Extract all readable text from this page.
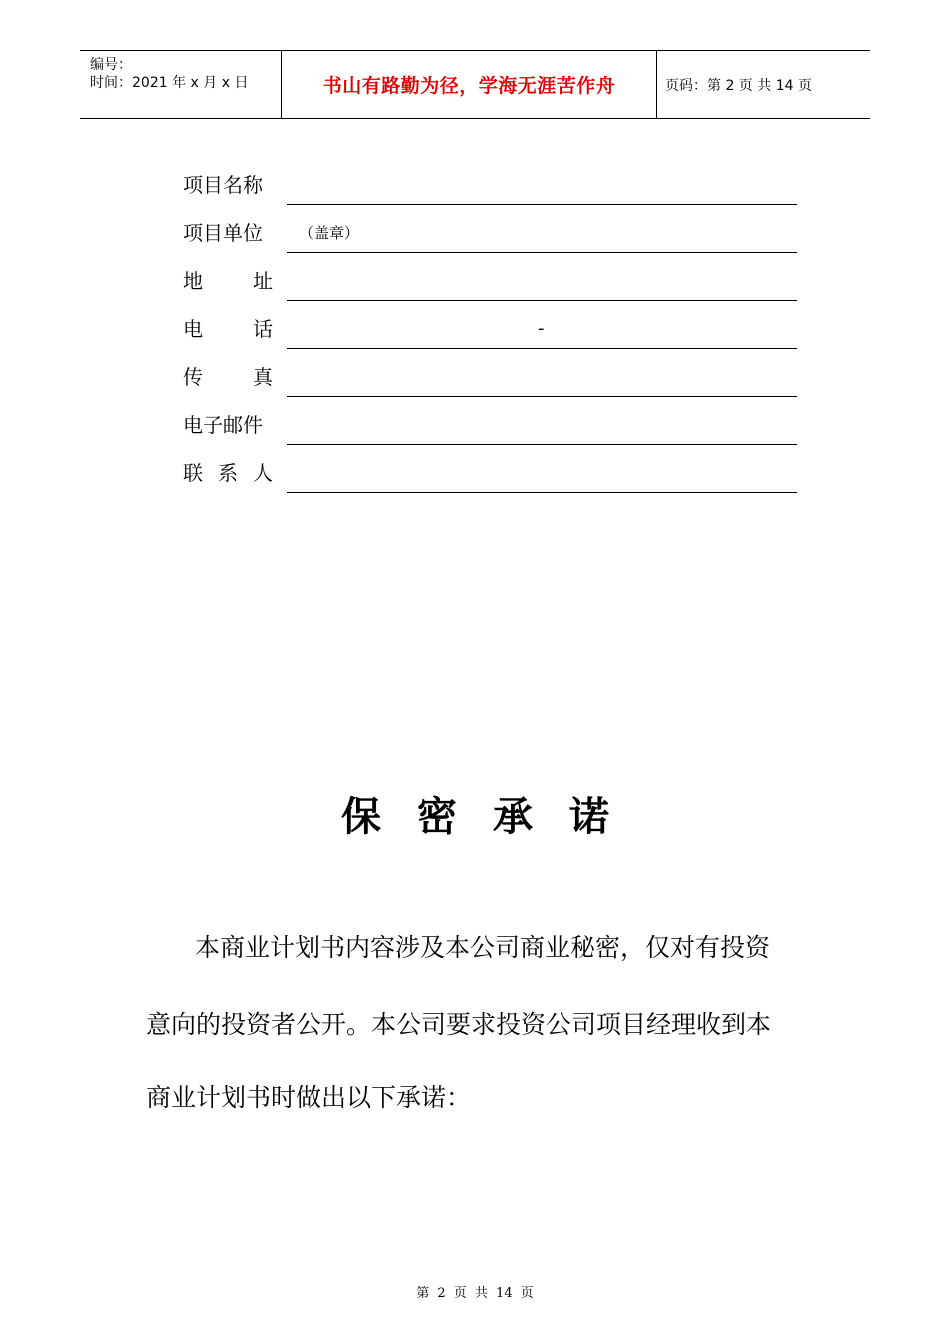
编号：
时间：2021 年 x 月 x 日	书山有路勤为径，学海无涯苦作舟	页码：第 2 页 共 14 页
项目名称
项目单位	（盖章）
地	址
电	话	-
传	真
电子邮件
联 系 人
保密承诺
本商业计划书内容涉及本公司商业秘密，仅对有投资
意向的投资者公开。本公司要求投资公司项目经理收到本
商业计划书时做出以下承诺：
第 2 页 共 14 页
